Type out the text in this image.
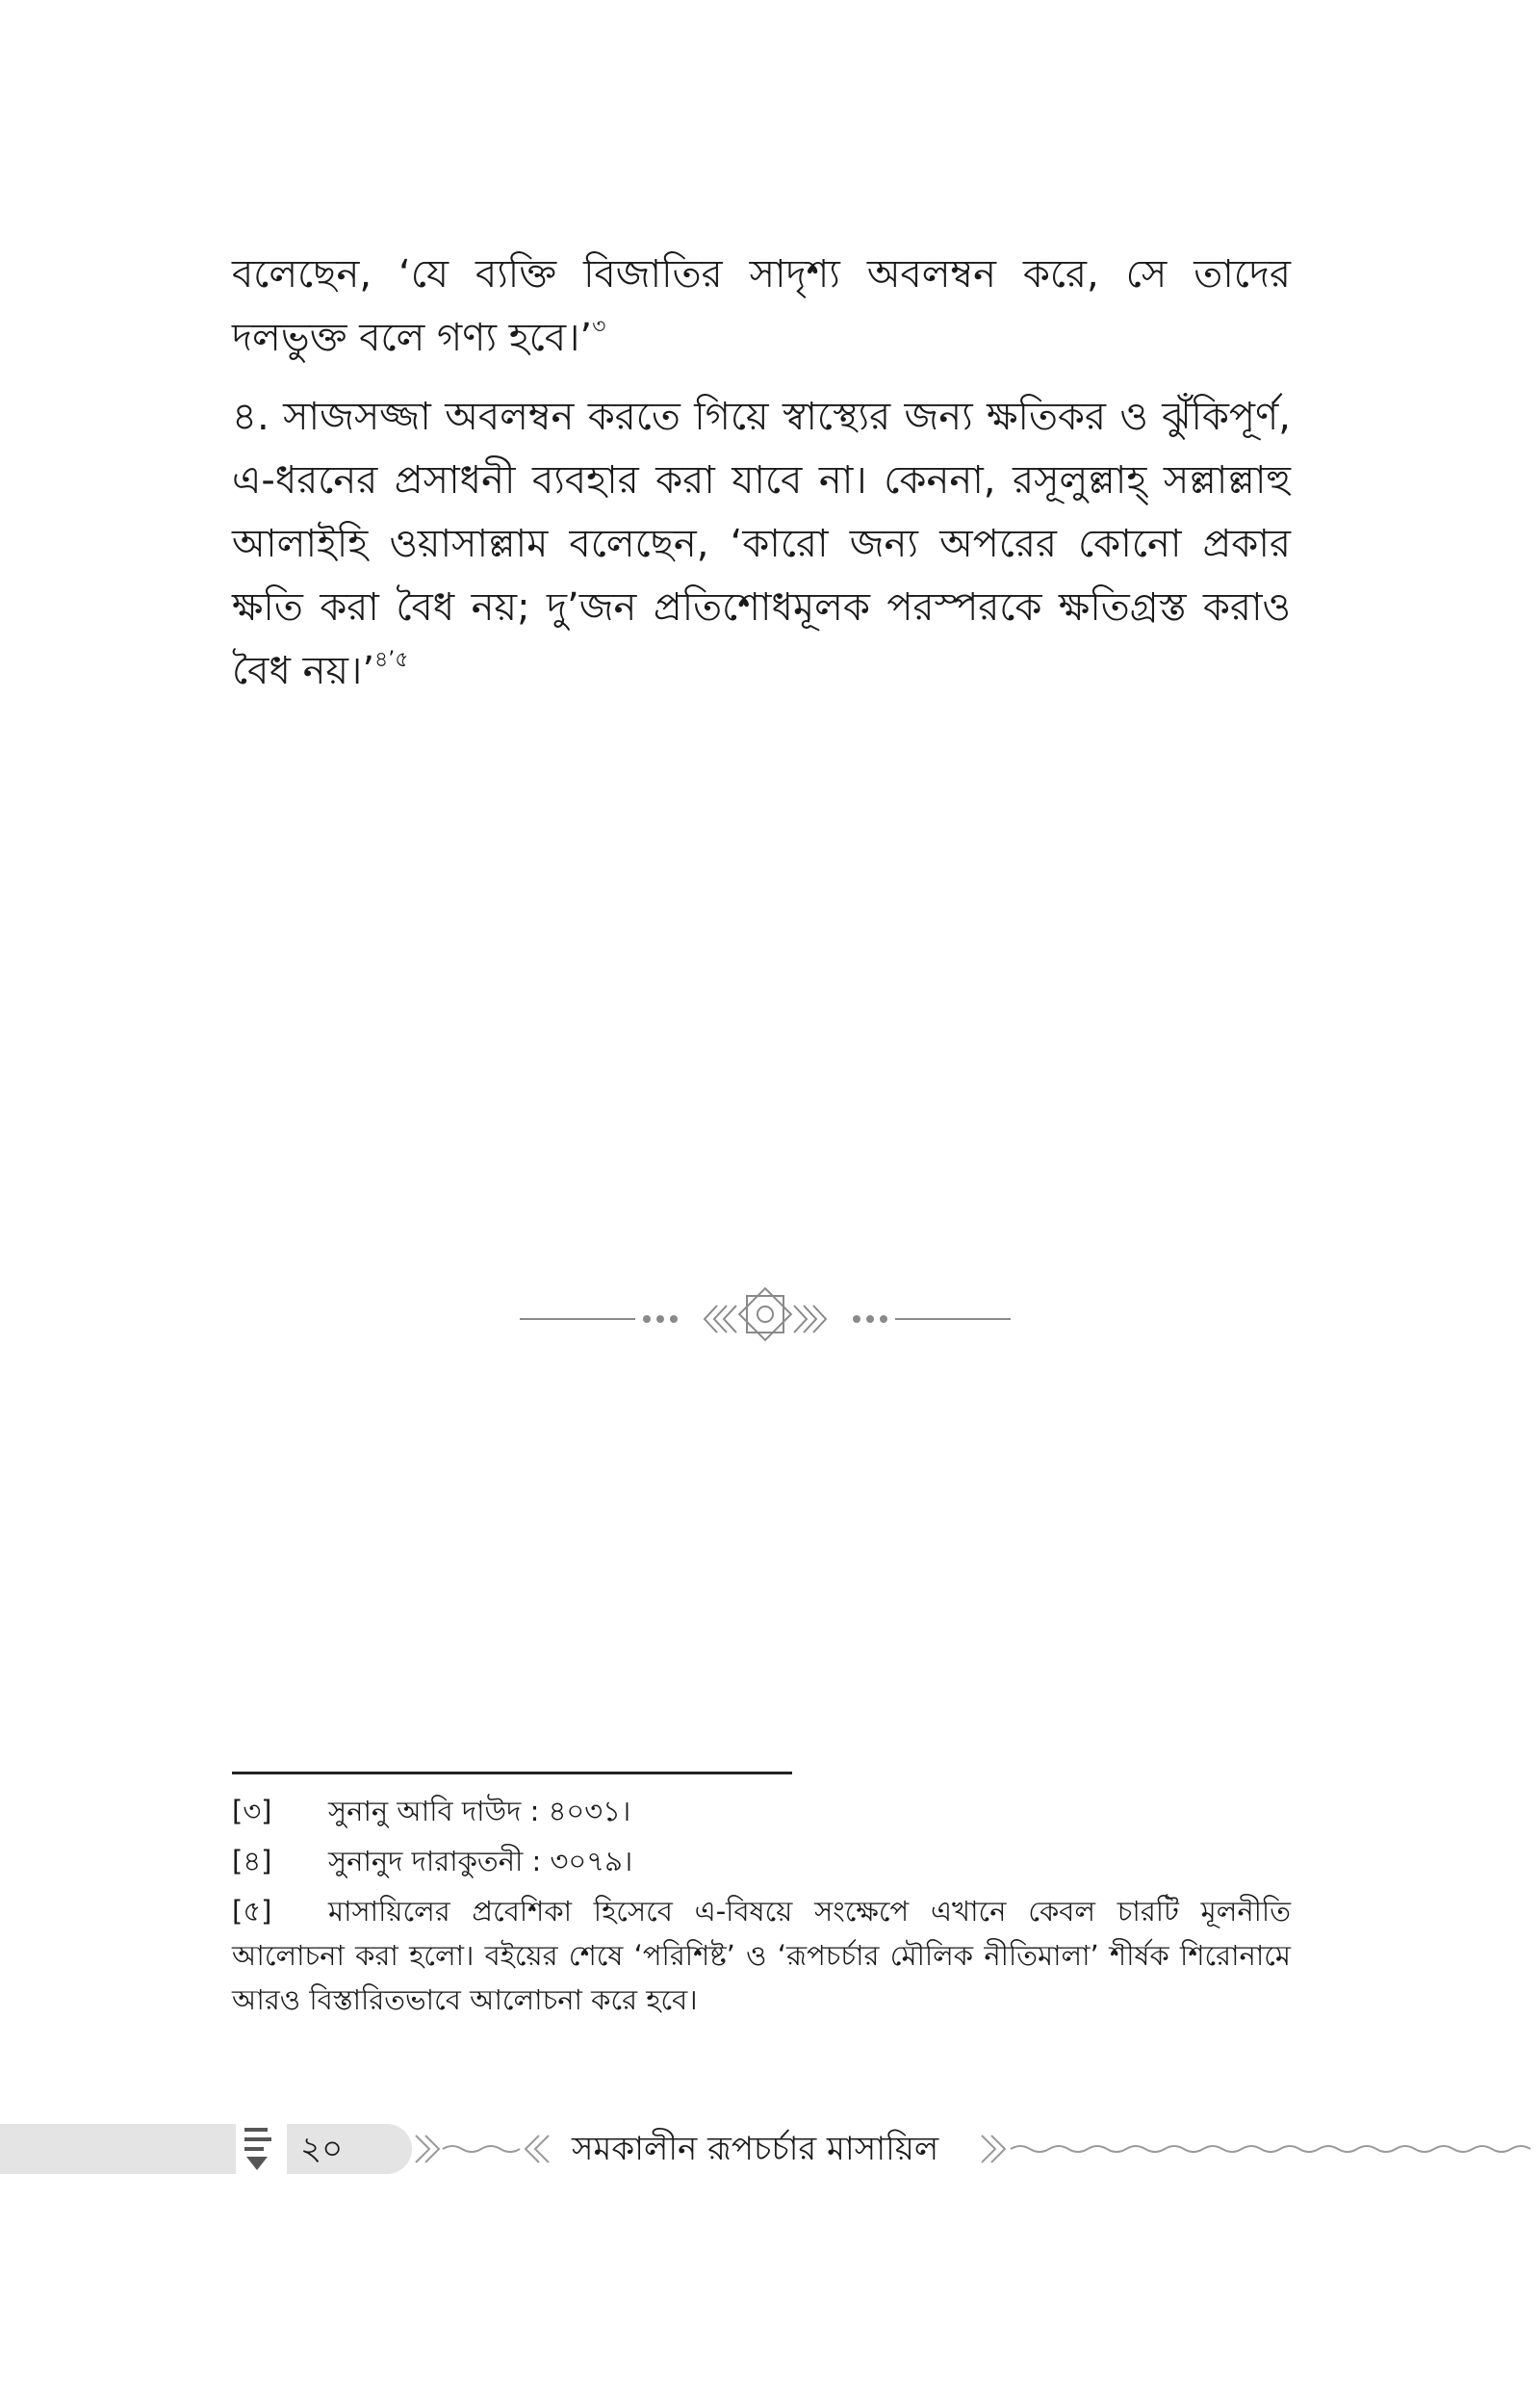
বলেছেন, ‘যে ব্যক্তি বিজাতির সাদৃশ্য অবলম্বন করে, সে তাদের দলভুক্ত বলে গণ্য হবে।’$^৩$

৪. সাজসজ্জা অবলম্বন করতে গিয়ে স্বাস্থ্যের জন্য ক্ষতিকর ও ঝুঁকিপূর্ণ, এ-ধরনের প্রসাধনী ব্যবহার করা যাবে না। কেননা, রসূলুল্লাহ্ সল্লাল্লাহু আলাইহি ওয়াসাল্লাম বলেছেন, ‘কারো জন্য অপরের কোনো প্রকার ক্ষতি করা বৈধ নয়; দু’জন প্রতিশোধমূলক পরস্পরকে ক্ষতিগ্রস্ত করাও বৈধ নয়।’$^{৪’৫}$

[৩] সুনানু আবি দাউদ : ৪০৩১।

[৪] সুনানুদ দারাকুতনী : ৩০৭৯।

[৫] মাসায়িলের প্রবেশিকা হিসেবে এ-বিষয়ে সংক্ষেপে এখানে কেবল চারটি মূলনীতি আলোচনা করা হলো। বইয়ের শেষে ‘পরিশিষ্ট’ ও ‘রূপচর্চার মৌলিক নীতিমালা’ শীর্ষক শিরোনামে আরও বিস্তারিতভাবে আলোচনা করে হবে।

২০	সমকালীন রূপচর্চার মাসায়িল
